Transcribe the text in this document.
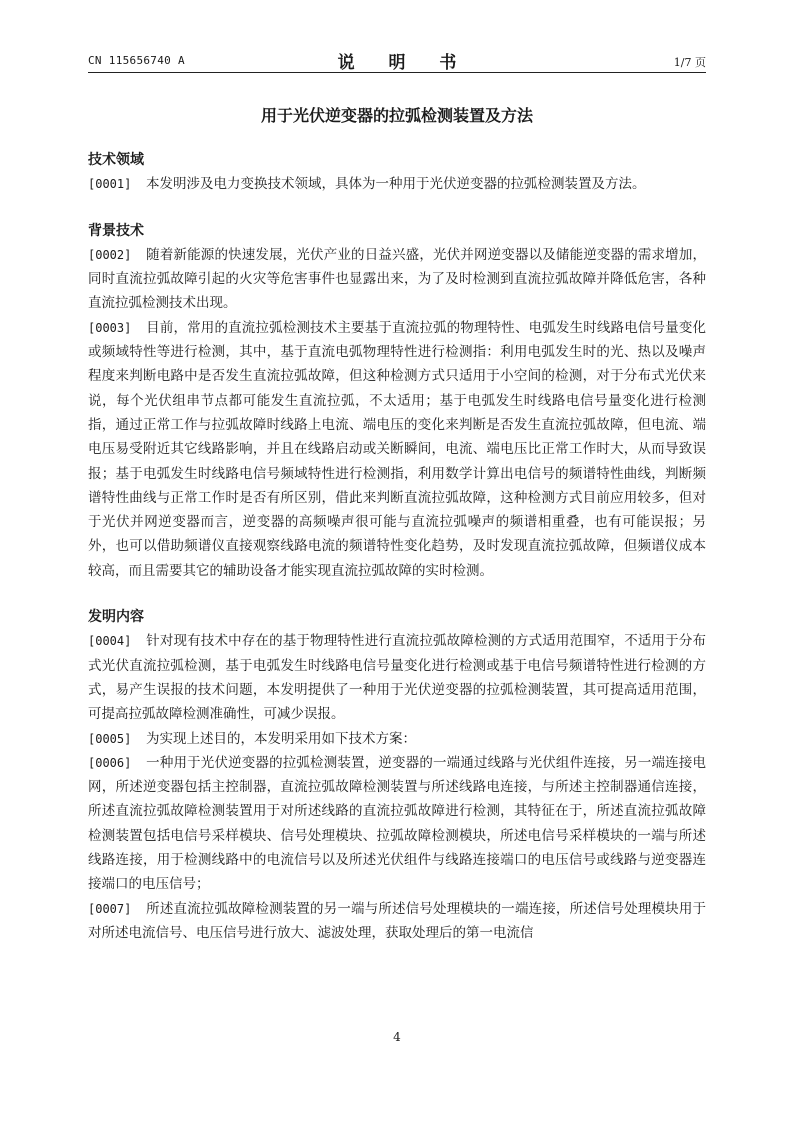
CN 115656740 A	说 明 书	1/7 页
用于光伏逆变器的拉弧检测装置及方法
技术领域

[0001] 本发明涉及电力变换技术领域，具体为一种用于光伏逆变器的拉弧检测装置及方法。

背景技术

[0002] 随着新能源的快速发展，光伏产业的日益兴盛，光伏并网逆变器以及储能逆变器的需求增加，同时直流拉弧故障引起的火灾等危害事件也显露出来，为了及时检测到直流拉弧故障并降低危害，各种直流拉弧检测技术出现。

[0003] 目前，常用的直流拉弧检测技术主要基于直流拉弧的物理特性、电弧发生时线路电信号量变化或频域特性等进行检测，其中，基于直流电弧物理特性进行检测指：利用电弧发生时的光、热以及噪声程度来判断电路中是否发生直流拉弧故障，但这种检测方式只适用于小空间的检测，对于分布式光伏来说，每个光伏组串节点都可能发生直流拉弧，不太适用；基于电弧发生时线路电信号量变化进行检测指，通过正常工作与拉弧故障时线路上电流、端电压的变化来判断是否发生直流拉弧故障，但电流、端电压易受附近其它线路影响，并且在线路启动或关断瞬间，电流、端电压比正常工作时大，从而导致误报；基于电弧发生时线路电信号频域特性进行检测指，利用数学计算出电信号的频谱特性曲线，判断频谱特性曲线与正常工作时是否有所区别，借此来判断直流拉弧故障，这种检测方式目前应用较多，但对于光伏并网逆变器而言，逆变器的高频噪声很可能与直流拉弧噪声的频谱相重叠，也有可能误报；另外，也可以借助频谱仪直接观察线路电流的频谱特性变化趋势，及时发现直流拉弧故障，但频谱仪成本较高，而且需要其它的辅助设备才能实现直流拉弧故障的实时检测。

发明内容

[0004] 针对现有技术中存在的基于物理特性进行直流拉弧故障检测的方式适用范围窄，不适用于分布式光伏直流拉弧检测，基于电弧发生时线路电信号量变化进行检测或基于电信号频谱特性进行检测的方式，易产生误报的技术问题，本发明提供了一种用于光伏逆变器的拉弧检测装置，其可提高适用范围，可提高拉弧故障检测准确性，可减少误报。

[0005] 为实现上述目的，本发明采用如下技术方案：

[0006] 一种用于光伏逆变器的拉弧检测装置，逆变器的一端通过线路与光伏组件连接，另一端连接电网，所述逆变器包括主控制器，直流拉弧故障检测装置与所述线路电连接，与所述主控制器通信连接，所述直流拉弧故障检测装置用于对所述线路的直流拉弧故障进行检测，其特征在于，所述直流拉弧故障检测装置包括电信号采样模块、信号处理模块、拉弧故障检测模块，所述电信号采样模块的一端与所述线路连接，用于检测线路中的电流信号以及所述光伏组件与线路连接端口的电压信号或线路与逆变器连接端口的电压信号；

[0007] 所述直流拉弧故障检测装置的另一端与所述信号处理模块的一端连接，所述信号处理模块用于对所述电流信号、电压信号进行放大、滤波处理，获取处理后的第一电流信

4
